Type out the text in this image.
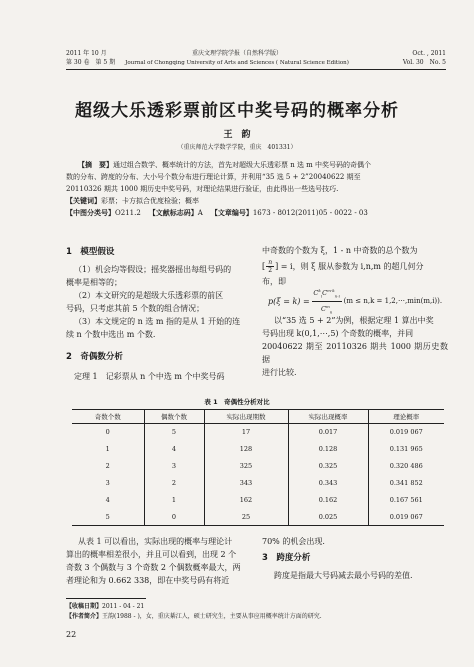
2011 年 10 月
第 30 卷　第 5 期
重庆文理学院学报（自然科学版）
Journal of Chongqing University of Arts and Sciences ( Natural Science Edition)
Oct. , 2011
Vol. 30　No. 5
超级大乐透彩票前区中奖号码的概率分析
王　韵
（重庆师范大学数学学院，重庆　401331）
【摘　要】通过组合数学、概率统计的方法，首先对超级大乐透彩票 n 选 m 中奖号码的奇偶个
数的分布、跨度的分布、大小号个数分布进行理论计算，并利用“35 选 5 + 2”20040622 期至
20110326 期共 1000 期历史中奖号码，对理论结果进行验证，由此得出一些选号技巧.
【关键词】彩票；卡方拟合优度检验；概率
【中图分类号】O211.2 【文献标志码】A 【文章编号】1673 - 8012(2011)05 - 0022 - 03
1　模型假设
（1）机会均等假设；摇奖器摇出每组号码的
概率是相等的；
（2）本文研究的是超级大乐透彩票的前区
号码，只考虑其前 5 个数的组合情况；
（3）本文规定的 n 选 m 指的是从 1 开始的连
续 n 个数中选出 m 个数.
2　奇偶数分析
定理 1　记彩票从 n 个中选 m 个中奖号码
中奇数的个数为 ξ，1 - n 中奇数的总个数为
[ n
2 ] = i，则 ξ 服从参数为 i,n,m 的超几何分
布，即
p(ξ = k) =
$C^k_iC^{m-k}_{n-i}$
$C^m_n$
(m ≤ n,k = 1,2,⋯,min(m,i)).
以“35 选 5 + 2”为例，根据定理 1 算出中奖
号码出现 k(0,1,⋯,5) 个奇数的概率，并同
20040622 期至 20110326 期共 1000 期历史数据
进行比较.
表 1　奇偶性分析对比
奇数个数	偶数个数	实际出现期数	实际出现概率	理论概率
0	5	17	0.017	0.019 067
1	4	128	0.128	0.131 965
2	3	325	0.325	0.320 486
3	2	343	0.343	0.341 852
4	1	162	0.162	0.167 561
5	0	25	0.025	0.019 067
从表 1 可以看出，实际出现的概率与理论计
算出的概率相差很小，并且可以看到，出现 2 个
奇数 3 个偶数与 3 个奇数 2 个偶数概率最大，两
者理论和为 0.662 338，即在中奖号码有将近
70% 的机会出现.
3　跨度分析
跨度是指最大号码减去最小号码的差值.
【收稿日期】2011 - 04 - 21
【作者简介】王韵(1988 - )，女，重庆綦江人，硕士研究生，主要从事应用概率统计方面的研究.
22
